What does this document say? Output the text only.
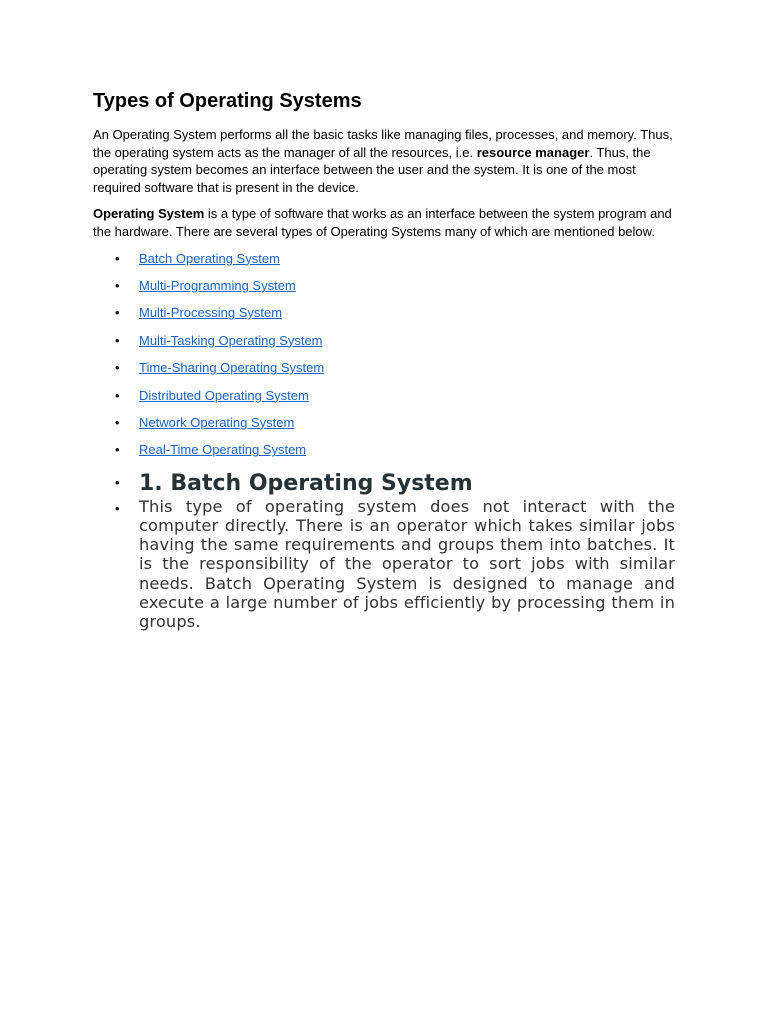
Types of Operating Systems

An Operating System performs all the basic tasks like managing files, processes, and memory. Thus, the operating system acts as the manager of all the resources, i.e. resource manager. Thus, the operating system becomes an interface between the user and the system. It is one of the most required software that is present in the device.

Operating System is a type of software that works as an interface between the system program and the hardware. There are several types of Operating Systems many of which are mentioned below.

• Batch Operating System
• Multi-Programming System
• Multi-Processing System
• Multi-Tasking Operating System
• Time-Sharing Operating System
• Distributed Operating System
• Network Operating System
• Real-Time Operating System
• 1. Batch Operating System
• This type of operating system does not interact with the computer directly. There is an operator which takes similar jobs having the same requirements and groups them into batches. It is the responsibility of the operator to sort jobs with similar needs. Batch Operating System is designed to manage and execute a large number of jobs efficiently by processing them in groups.
